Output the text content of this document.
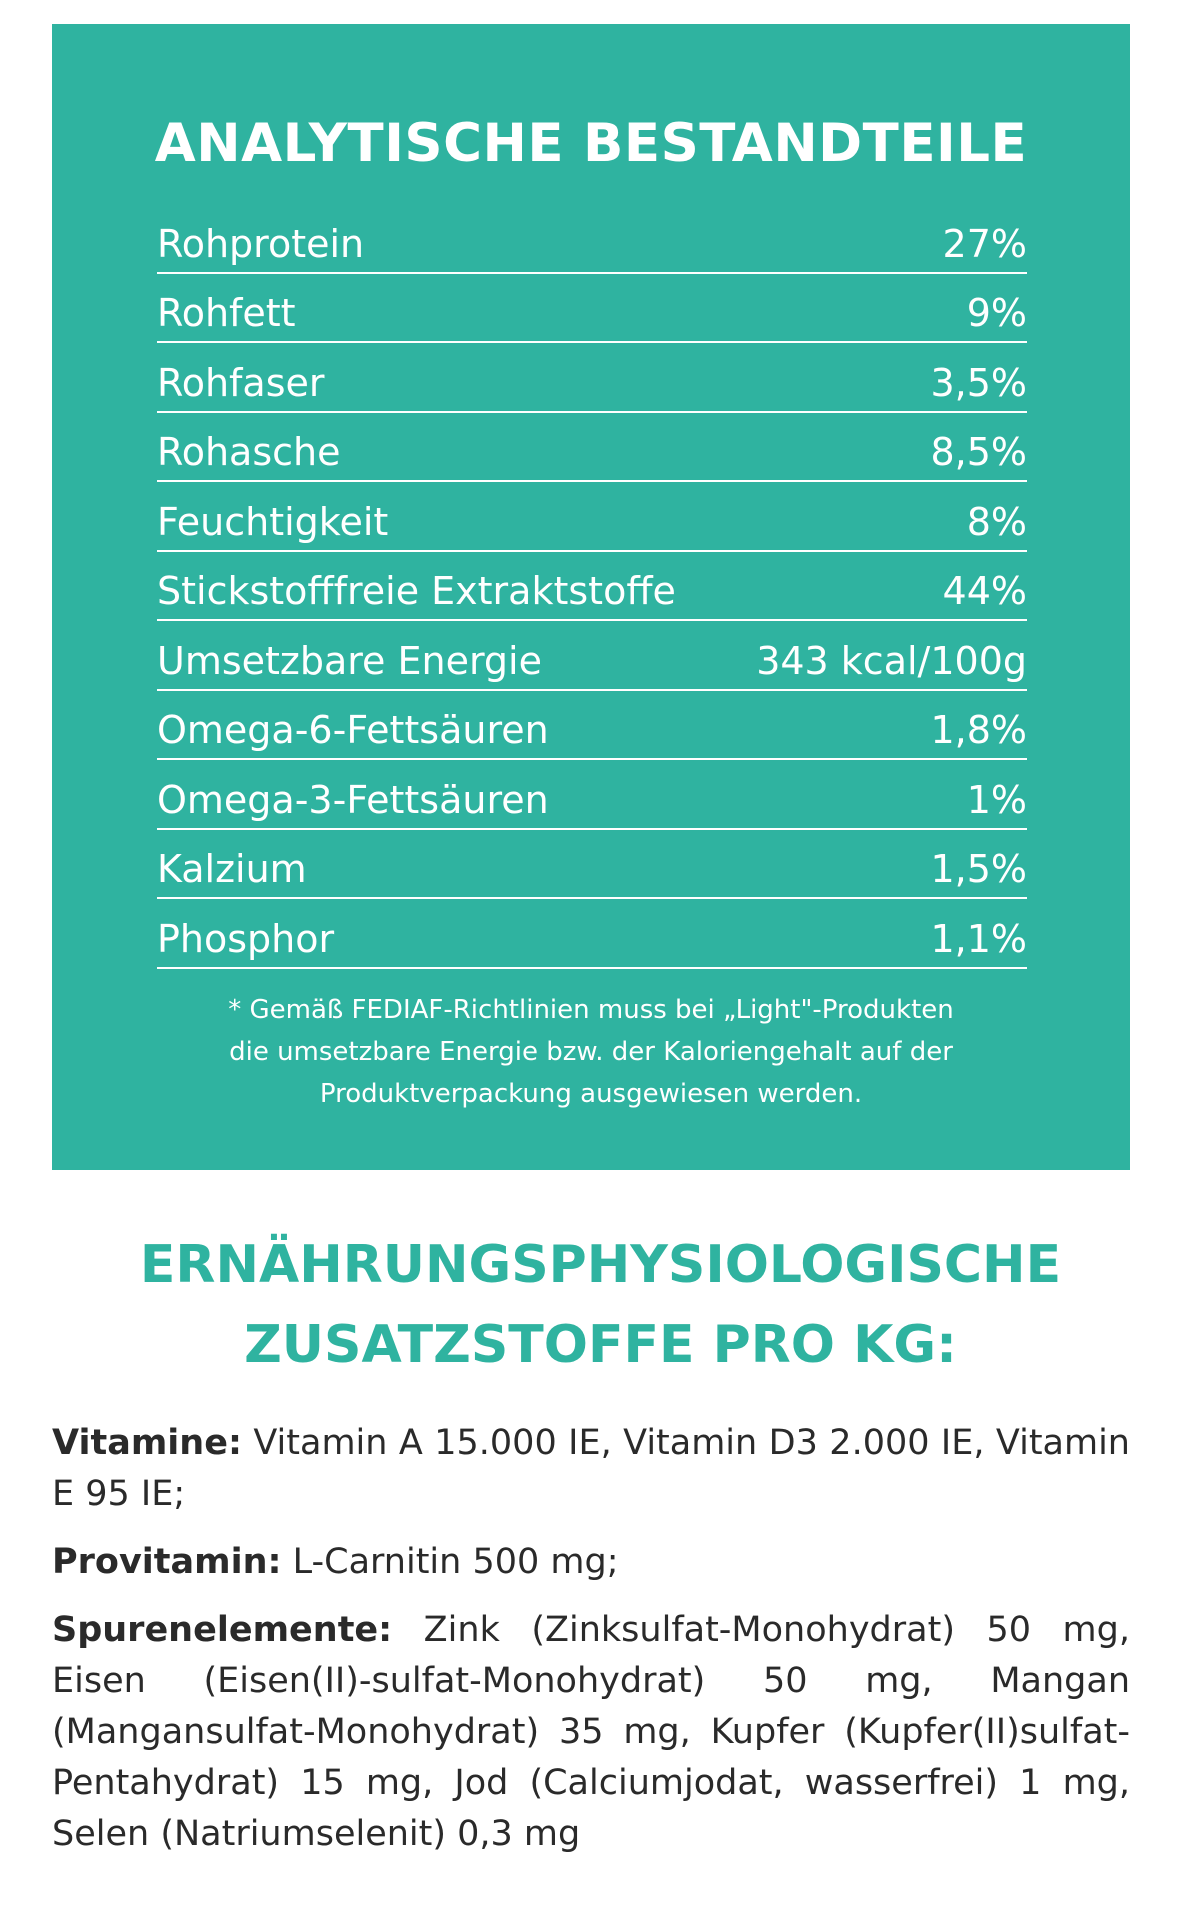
ANALYTISCHE BESTANDTEILE
Rohprotein	27%
Rohfett	9%
Rohfaser	3,5%
Rohasche	8,5%
Feuchtigkeit	8%
Stickstofffreie Extraktstoffe	44%
Umsetzbare Energie	343 kcal/100g
Omega-6-Fettsäuren	1,8%
Omega-3-Fettsäuren	1%
Kalzium	1,5%
Phosphor	1,1%

* Gemäß FEDIAF-Richtlinien muss bei „Light"-Produkten
die umsetzbare Energie bzw. der Kaloriengehalt auf der
Produktverpackung ausgewiesen werden.

ERNÄHRUNGSPHYSIOLOGISCHE
ZUSATZSTOFFE PRO KG:

Vitamine: Vitamin A 15.000 IE, Vitamin D3 2.000 IE, Vitamin E 95 IE;

Provitamin: L-Carnitin 500 mg;

Spurenelemente: Zink (Zinksulfat-Monohydrat) 50 mg, Eisen (Eisen(II)-sulfat-Monohydrat) 50 mg, Mangan (Mangansulfat-Monohydrat) 35 mg, Kupfer (Kupfer(II)sulfat-Pentahydrat) 15 mg, Jod (Calciumjodat, wasserfrei) 1 mg, Selen (Natriumselenit) 0,3 mg
